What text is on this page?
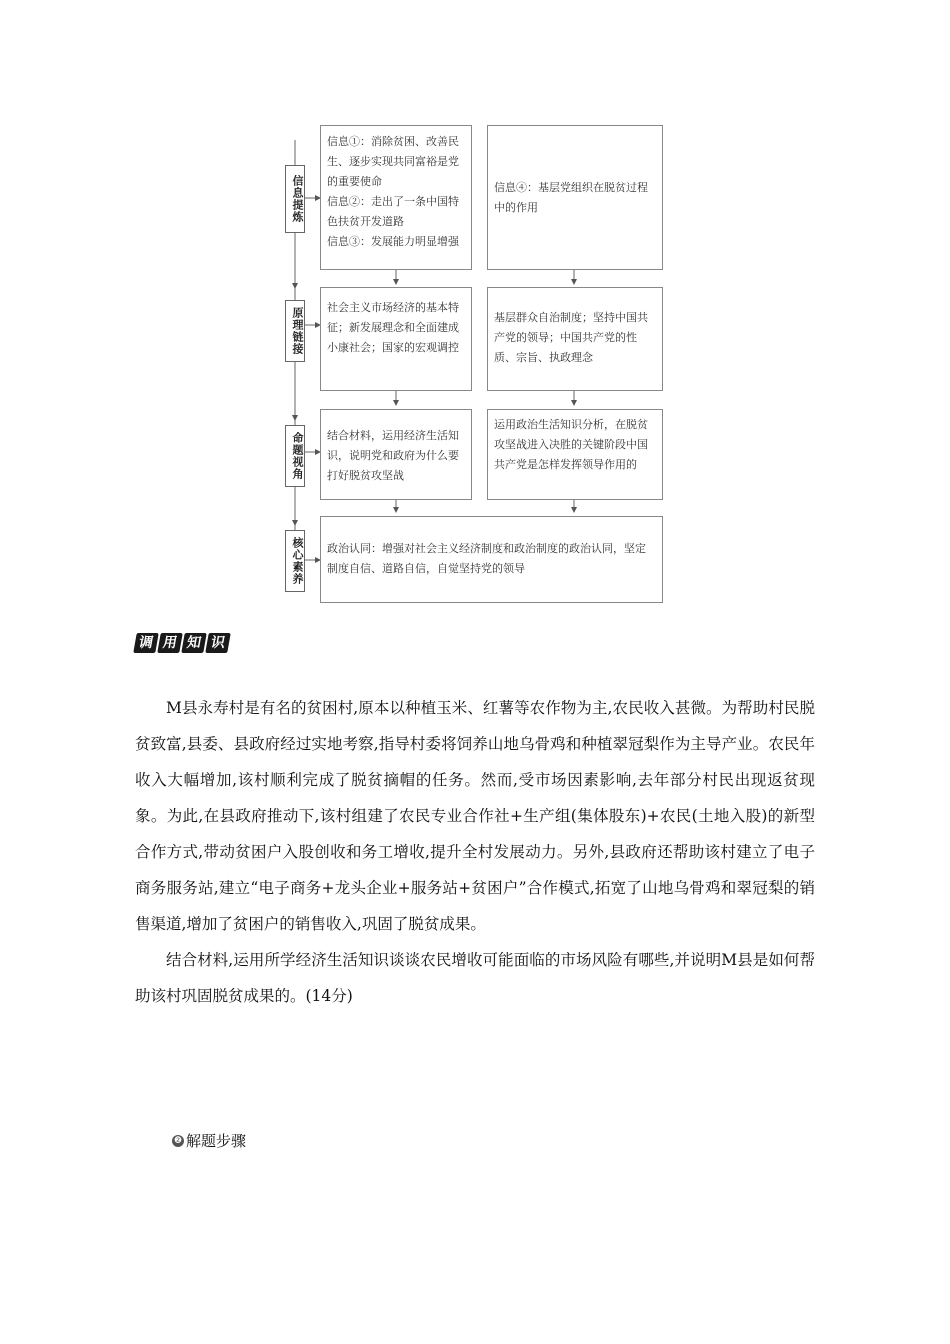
信息提炼
原理链接
命题视角
核心素养

信息①：消除贫困、改善民生、逐步实现共同富裕是党的重要使命

信息②：走出了一条中国特色扶贫开发道路

信息③：发展能力明显增强

信息④：基层党组织在脱贫过程中的作用

社会主义市场经济的基本特征；新发展理念和全面建成小康社会；国家的宏观调控

基层群众自治制度；坚持中国共产党的领导；中国共产党的性质、宗旨、执政理念

结合材料，运用经济生活知识，说明党和政府为什么要打好脱贫攻坚战

运用政治生活知识分析，在脱贫攻坚战进入决胜的关键阶段中国共产党是怎样发挥领导作用的

政治认同：增强对社会主义经济制度和政治制度的政治认同，坚定制度自信、道路自信，自觉坚持党的领导

调 用 知 识

M县永寿村是有名的贫困村,原本以种植玉米、红薯等农作物为主,农民收入甚微。为帮助村民脱贫致富,县委、县政府经过实地考察,指导村委将饲养山地乌骨鸡和种植翠冠梨作为主导产业。农民年收入大幅增加,该村顺利完成了脱贫摘帽的任务。然而,受市场因素影响,去年部分村民出现返贫现象。为此,在县政府推动下,该村组建了农民专业合作社+生产组(集体股东)+农民(土地入股)的新型合作方式,带动贫困户入股创收和务工增收,提升全村发展动力。另外,县政府还帮助该村建立了电子商务服务站,建立“电子商务+龙头企业+服务站+贫困户”合作模式,拓宽了山地乌骨鸡和翠冠梨的销售渠道,增加了贫困户的销售收入,巩固了脱贫成果。

结合材料,运用所学经济生活知识谈谈农民增收可能面临的市场风险有哪些,并说明M县是如何帮助该村巩固脱贫成果的。(14分)

❷ 解题步骤
